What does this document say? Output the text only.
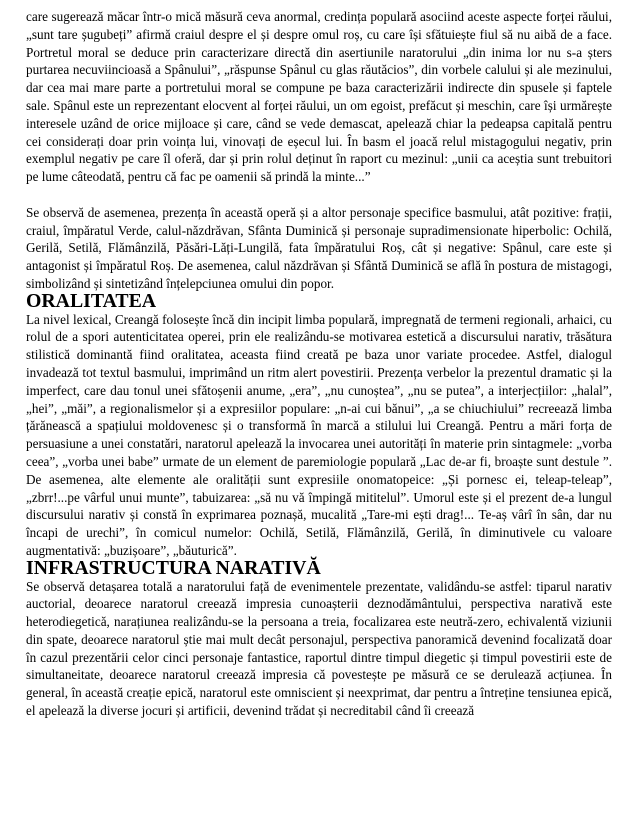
care sugerează măcar într-o mică măsură ceva anormal, credința populară asociind aceste aspecte forței răului, „sunt tare șugubeți” afirmă craiul despre el și despre omul roș, cu care își sfătuiește fiul să nu aibă de a face. Portretul moral se deduce prin caracterizare directă din asertiunile naratorului „din inima lor nu s-a șters purtarea necuviincioasă a Spânului”, „răspunse Spânul cu glas răutăcios”, din vorbele calului și ale mezinului, dar cea mai mare parte a portretului moral se compune pe baza caracterizării indirecte din spusele și faptele sale. Spânul este un reprezentant elocvent al forței răului, un om egoist, prefăcut și meschin, care își urmărește interesele uzând de orice mijloace și care, când se vede demascat, apelează chiar la pedeapsa capitală pentru cei considerați doar prin voința lui, vinovați de eșecul lui. În basm el joacă relul mistagogului negativ, prin exemplul negativ pe care îl oferă, dar și prin rolul deținut în raport cu mezinul: „unii ca aceștia sunt trebuitori pe lume câteodată, pentru că fac pe oamenii să prindă la minte...”

Se observă de asemenea, prezența în această operă și a altor personaje specifice basmului, atât pozitive: frații, craiul, împăratul Verde, calul-năzdrăvan, Sfânta Duminică și personaje supradimensionate hiperbolic: Ochilă, Gerilă, Setilă, Flămânzilă, Păsări-Lăți-Lungilă, fata împăratului Roș, cât și negative: Spânul, care este și antagonist și împăratul Roș. De asemenea, calul năzdrăvan și Sfântă Duminică se află în postura de mistagogi, simbolizând și sintetizând înțelepciunea omului din popor.

ORALITATEA

La nivel lexical, Creangă folosește încă din incipit limba populară, impregnată de termeni regionali, arhaici, cu rolul de a spori autenticitatea operei, prin ele realizându-se motivarea estetică a discursului narativ, trăsătura stilistică dominantă fiind oralitatea, aceasta fiind creată pe baza unor variate procedee. Astfel, dialogul invadează tot textul basmului, imprimând un ritm alert povestirii. Prezența verbelor la prezentul dramatic și la imperfect, care dau tonul unei sfătoșenii anume, „era”, „nu cunoștea”, „nu se putea”, a interjecțiilor: „halal”, „hei”, „măi”, a regionalismelor și a expresiilor populare: „n-ai cui bănui”, „a se chiuchiului” recreează limba țărănească a spațiului moldovenesc și o transformă în marcă a stilului lui Creangă. Pentru a mări forța de persuasiune a unei constatări, naratorul apelează la invocarea unei autorități în materie prin sintagmele: „vorba ceea”, „vorba unei babe” urmate de un element de paremiologie populară „Lac de-ar fi, broaște sunt destule ”. De asemenea, alte elemente ale oralității sunt expresiile onomatopeice: „Și pornesc ei, teleap-teleap”, „zbrr!...pe vârful unui munte”, tabuizarea: „să nu vă împingă mititelul”. Umorul este și el prezent de-a lungul discursului narativ și constă în exprimarea poznașă, mucalită „Tare-mi ești drag!... Te-aș vârî în sân, dar nu încapi de urechi”, în comicul numelor: Ochilă, Setilă, Flămânzilă, Gerilă, în diminutivele cu valoare augmentativă: „buzișoare”, „băuturică”.

INFRASTRUCTURA NARATIVĂ

Se observă detașarea totală a naratorului față de evenimentele prezentate, validându-se astfel: tiparul narativ auctorial, deoarece naratorul creează impresia cunoașterii deznodământului, perspectiva narativă este heterodiegetică, narațiunea realizându-se la persoana a treia, focalizarea este neutră-zero, echivalentă viziunii din spate, deoarece naratorul știe mai mult decât personajul, perspectiva panoramică devenind focalizată doar în cazul prezentării celor cinci personaje fantastice, raportul dintre timpul diegetic și timpul povestirii este de simultaneitate, deoarece naratorul creează impresia că povestește pe măsură ce se derulează acțiunea. În general, în această creație epică, naratorul este omniscient și neexprimat, dar pentru a întreține tensiunea epică, el apelează la diverse jocuri și artificii, devenind trădat și necreditabil când îi creează
